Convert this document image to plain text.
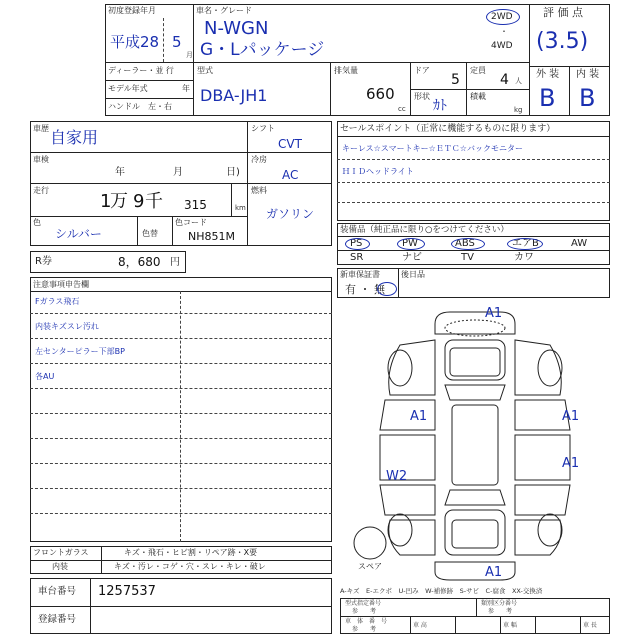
初度登録年月
平成28 5
月
車名・グレード
N-WGN
G・Lパッケージ
2WD
・
4WD
評 価 点
(3.5)
ディーラー・並 行
モデル年式	年
ハンドル　左・右
型式
DBA-JH1
排気量
660
cc
ドア
5
定員
4 人
形状
ｶﾄ
積載
kg
外 装 内 装
B B
車歴 自家用
車検
年	月	日)
走行
1
万 9 千 315	km
色
シルバー	色替
色コード
NH851M
シフト
CVT
冷房
AC
燃料
ガソリン
R券	8，680 円
セールスポイント（正常に機能するものに限ります）
キーレス☆スマートキー☆ＥＴＣ☆バックモニター
ＨＩＤヘッドライト
装備品（純正品に限り○をつけてください）
PS	PW	ABS	エアB	AW
SR	ナビ	TV	カワ
新車保証書
有 ・ 無
後日品
注意事項申告欄
Fガラス飛石
内装キズスレ汚れ
左センターピラー下部BP
各AU
A1
A1	A1
A1
W2
A1
スペア
フロントガラス	キズ・飛石・ヒビ割・リペア跡・X要
内装	キズ・汚レ・コゲ・穴・スレ・キレ・破レ
車台番号 1257537
登録番号
A-キズ　E-エクボ　U-凹み　W-補修跡　S-サビ　C-腐食　XX-交換済
型式指定番号
参　　考
類別区分番号
参　　考
車　体　番　号
参　　考
車 高	車 幅	車 長
